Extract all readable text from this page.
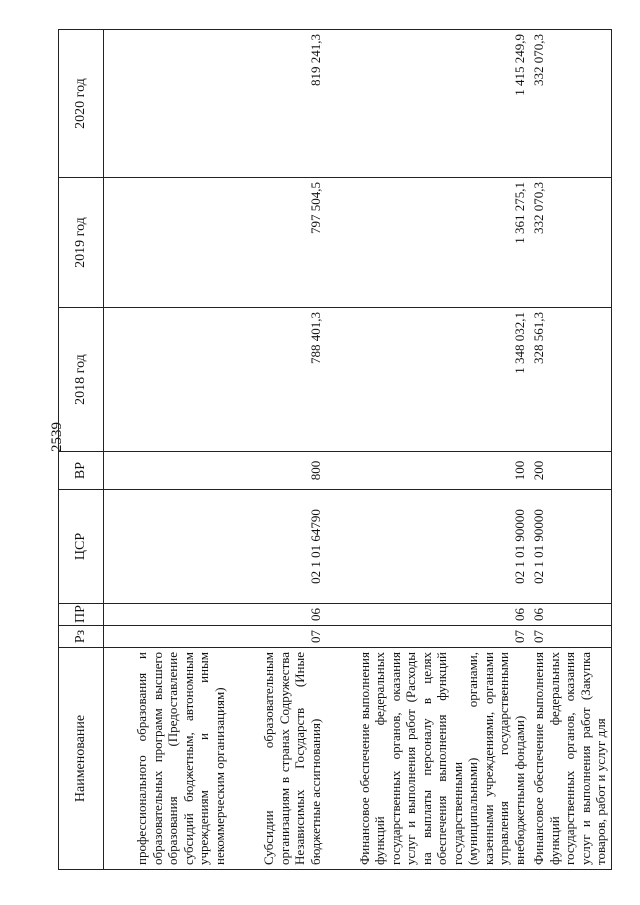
2539
Наименование	Рз	ПР	ЦСР	ВР	2018 год	2019 год	2020 год
профессионального образования и образовательных программ высшего образования (Предоставление субсидий бюджетным, автономным учреждениям и иным некоммерческим организациям)							
Субсидии образовательным организациям в странах Содружества Независимых Государств (Иные бюджетные ассигнования)	07	06	02 1 01 64790	800	788 401,3	797 504,5	819 241,3
Финансовое обеспечение выполнения функций федеральных государственных органов, оказания услуг и выполнения работ (Расходы на выплаты персоналу в целях обеспечения выполнения функций государственными (муниципальными) органами, казенными учреждениями, органами управления государственными внебюджетными фондами)	07	06	02 1 01 90000	100	1 348 032,1	1 361 275,1	1 415 249,9
Финансовое обеспечение выполнения функций федеральных государственных органов, оказания услуг и выполнения работ (Закупка товаров, работ и услуг для	07	06	02 1 01 90000	200	328 561,3	332 070,3	332 070,3
